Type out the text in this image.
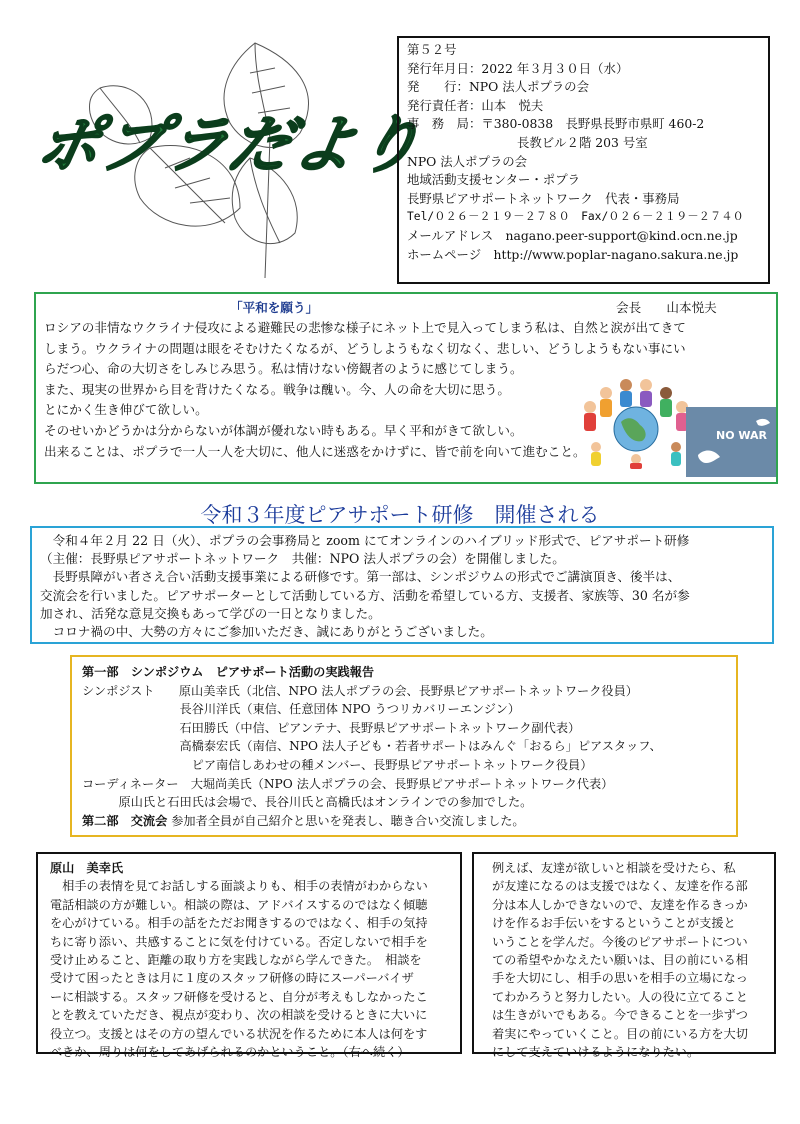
ポプラだより
第５２号
発行年月日：2022 年３月３０日（水）
発　　行：NPO 法人ポプラの会
発行責任者：山本　悦夫
事　務　局：〒380-0838　長野県長野市県町 460-2
長教ビル２階 203 号室
NPO 法人ポプラの会
地域活動支援センター・ポプラ
長野県ピアサポートネットワーク　代表・事務局
Tel/０２６－２１９－２７８０　Fax/０２６－２１９－２７４０
メールアドレス　nagano.peer-support@kind.ocn.ne.jp
ホームページ　http://www.poplar-nagano.sakura.ne.jp
「平和を願う」	会長　　山本悦夫
ロシアの非情なウクライナ侵攻による避難民の悲惨な様子にネット上で見入ってしまう私は、自然と涙が出てきて
しまう。ウクライナの問題は眼をそむけたくなるが、どうしようもなく切なく、悲しい、どうしようもない事にい
らだつ心、命の大切さをしみじみ思う。私は情けない傍観者のように感じてしまう。
また、現実の世界から目を背けたくなる。戦争は醜い。今、人の命を大切に思う。
とにかく生き伸びて欲しい。
そのせいかどうかは分からないが体調が優れない時もある。早く平和がきて欲しい。
出来ることは、ポプラで一人一人を大切に、他人に迷惑をかけずに、皆で前を向いて進むこと。
NO WAR
令和３年度ピアサポート研修　開催される
　令和４年２月 22 日（火）、ポプラの会事務局と zoom にてオンラインのハイブリッド形式で、ピアサポート研修
（主催：長野県ピアサポートネットワーク　共催：NPO 法人ポプラの会）を開催しました。
　長野県障がい者さえ合い活動支援事業による研修です。第一部は、シンポジウムの形式でご講演頂き、後半は、
交流会を行いました。ピアサポーターとして活動している方、活動を希望している方、支援者、家族等、30 名が参
加され、活発な意見交換もあって学びの一日となりました。
　コロナ禍の中、大勢の方々にご参加いただき、誠にありがとうございました。
第一部　シンポジウム　ピアサポート活動の実践報告
シンポジスト　　原山美幸氏（北信、NPO 法人ポプラの会、長野県ピアサポートネットワーク役員）
　　　　　　　　長谷川洋氏（東信、任意団体 NPO うつリカバリーエンジン）
　　　　　　　　石田勝氏（中信、ピアンテナ、長野県ピアサポートネットワーク副代表）
　　　　　　　　高橋泰宏氏（南信、NPO 法人子ども・若者サポートはみんぐ「おるら」ピアスタッフ、
　　　　　　　　　ピア南信しあわせの種メンバー、長野県ピアサポートネットワーク役員）
コーディネーター　大堀尚美氏（NPO 法人ポプラの会、長野県ピアサポートネットワーク代表）
　　　原山氏と石田氏は会場で、長谷川氏と高橋氏はオンラインでの参加でした。
第二部　交流会 参加者全員が自己紹介と思いを発表し、聴き合い交流しました。
原山　美幸氏
　相手の表情を見てお話しする面談よりも、相手の表情がわからない
電話相談の方が難しい。相談の際は、アドバイスするのではなく傾聴
を心がけている。相手の話をただお聞きするのではなく、相手の気持
ちに寄り添い、共感することに気を付けている。否定しないで相手を
受け止めること、距離の取り方を実践しながら学んできた。　相談を
受けて困ったときは月に１度のスタッフ研修の時にスーパーバイザ
ーに相談する。スタッフ研修を受けると、自分が考えもしなかったこ
とを教えていただき、視点が変わり、次の相談を受けるときに大いに
役立つ。支援とはその方の望んでいる状況を作るために本人は何をす
べきか、周りは何をしてあげられるのかということ。（右へ続く）
例えば、友達が欲しいと相談を受けたら、私
が友達になるのは支援ではなく、友達を作る部
分は本人しかできないので、友達を作るきっか
けを作るお手伝いをするということが支援と
いうことを学んだ。今後のピアサポートについ
ての希望やかなえたい願いは、目の前にいる相
手を大切にし、相手の思いを相手の立場になっ
てわかろうと努力したい。人の役に立てること
は生きがいでもある。今できることを一歩ずつ
着実にやっていくこと。目の前にいる方を大切
にして支えていけるようになりたい。
